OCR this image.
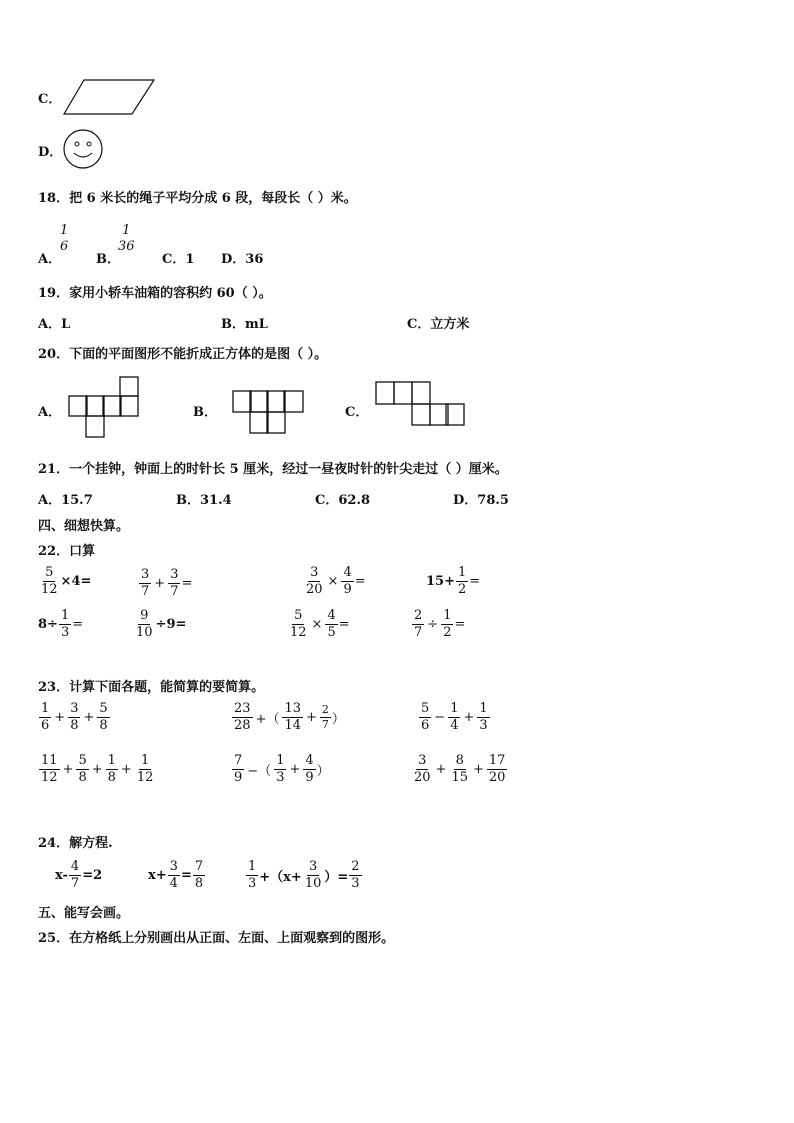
C．
D．
18．把 6 米长的绳子平均分成 6 段，每段长（ ）米。
A．
1
6
B．
1
36
C．1 D．36
19．家用小轿车油箱的容积约 60（ ）。
A．L	B．mL	C．立方米
20．下面的平面图形不能折成正方体的是图（ ）。
A．	B．	C．
21．一个挂钟，钟面上的时针长 5 厘米，经过一昼夜时针的针尖走过（ ）厘米。
A．15.7	B．31.4	C．62.8	D．78.5
四、细想快算。
22．口算
$\frac{5}{12} \times 4=$	$\frac{3}{7} + \frac{3}{7}$ =	$\frac{3}{20} \times \frac{4}{9}$ =	$15+ \frac{1}{2}$ =
$8\div \frac{1}{3}$ =	$\frac{9}{10} \div 9=$	$\frac{5}{12} \times \frac{4}{5}$ =	$\frac{2}{7} \div \frac{1}{2}$ =
23．计算下面各题，能简算的要简算。
$\frac{1}{6} + \frac{3}{8} + \frac{5}{8}$	$\frac{23}{28}$ +（ $\frac{13}{14} + \frac{2}{7}$ ）	$\frac{5}{6} - \frac{1}{4} + \frac{1}{3}$
$\frac{11}{12} + \frac{5}{8} + \frac{1}{8} + \frac{1}{12}$	$\frac{7}{9}$ −（ $\frac{1}{3} + \frac{4}{9}$ ）	$\frac{3}{20} + \frac{8}{15} + \frac{17}{20}$
24．解方程.
$x- \frac{4}{7} =2$	$x+ \frac{3}{4} = \frac{7}{8}$	$\frac{1}{3} +(x+ \frac{3}{10}$ ）= $\frac{2}{3}$
五、能写会画。
25．在方格纸上分别画出从正面、左面、上面观察到的图形。
